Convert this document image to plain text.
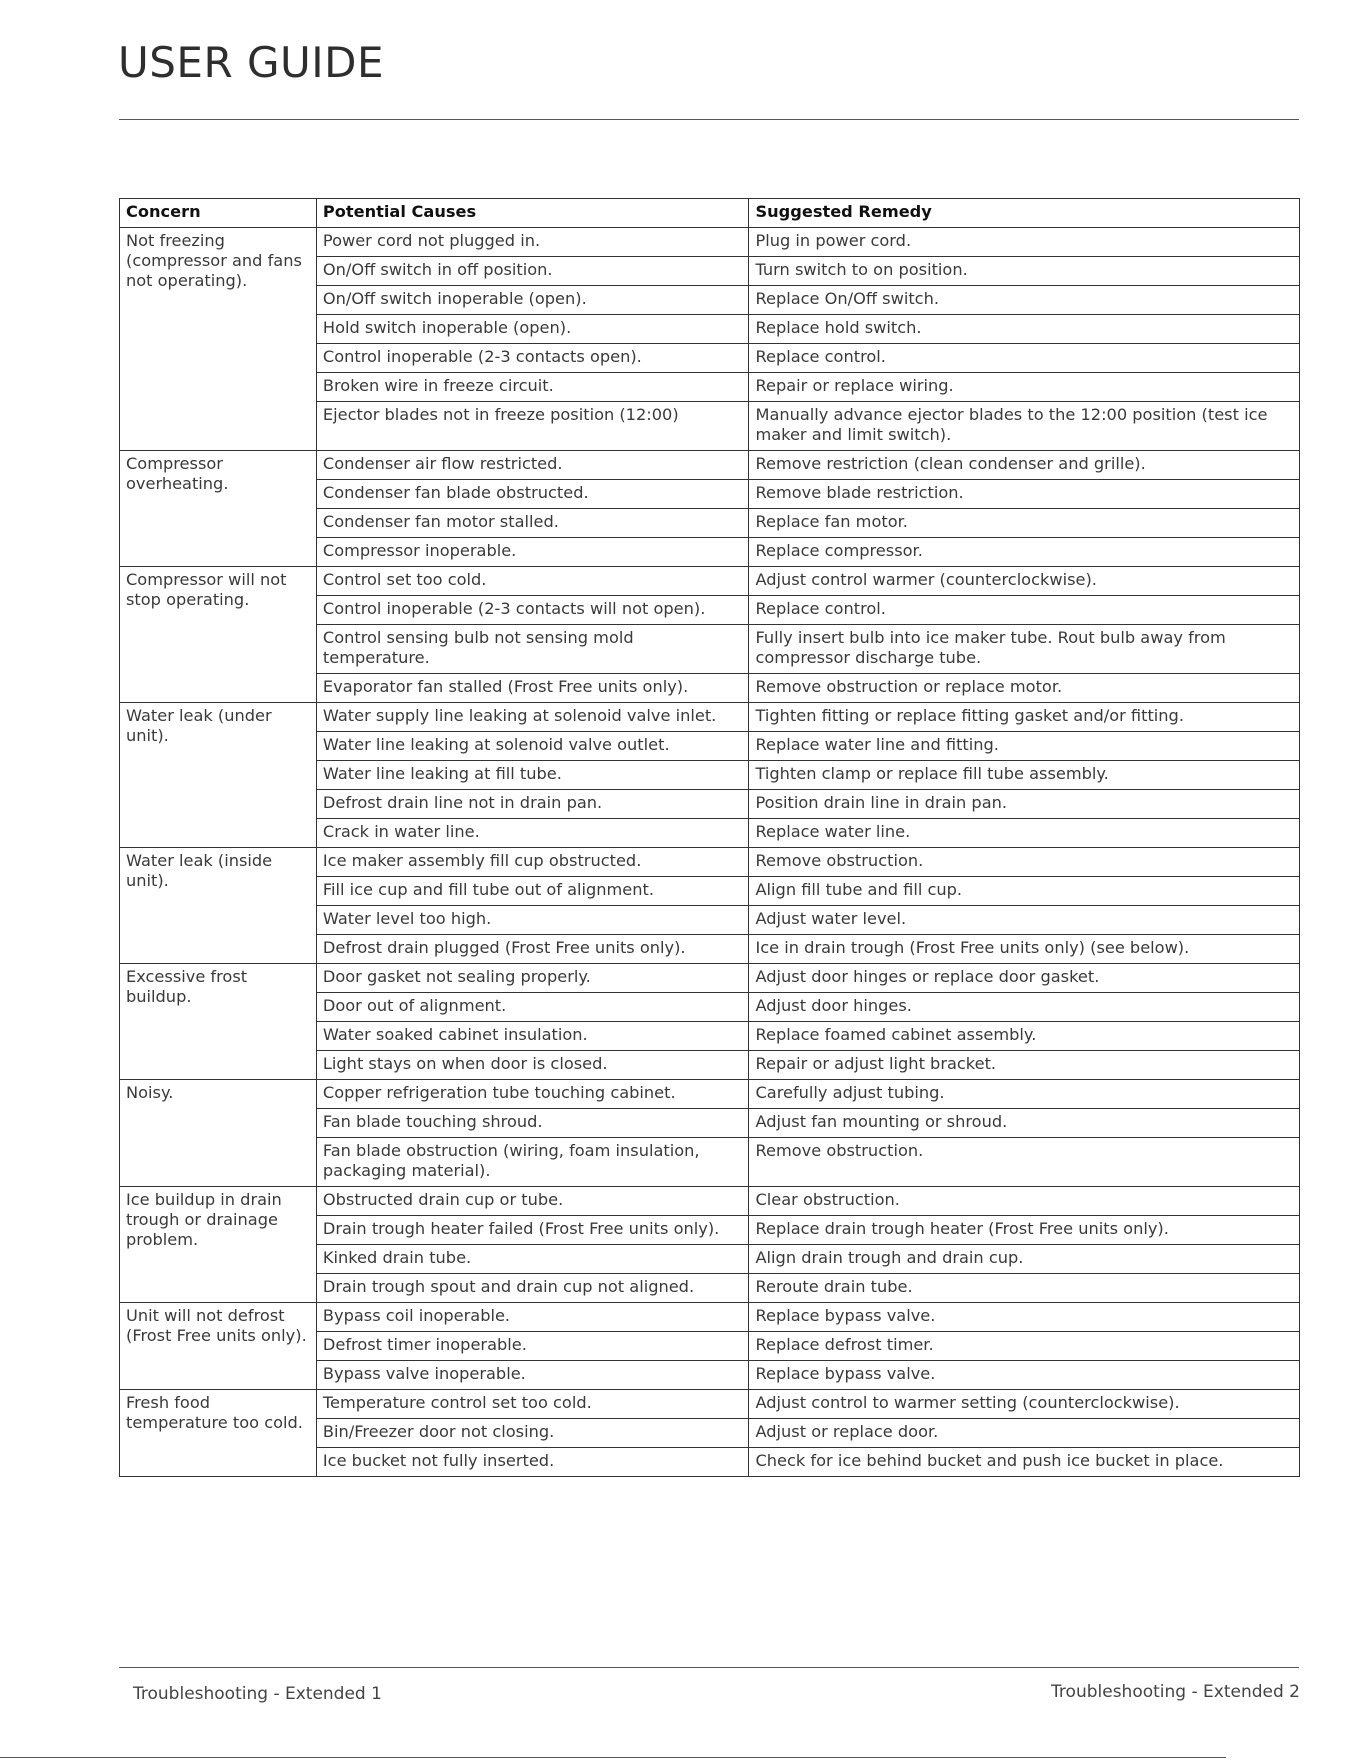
USER GUIDE
Concern	Potential Causes	Suggested Remedy
Not freezing (compressor and fans not operating).	Power cord not plugged in.	Plug in power cord.
	On/Off switch in off position.	Turn switch to on position.
	On/Off switch inoperable (open).	Replace On/Off switch.
	Hold switch inoperable (open).	Replace hold switch.
	Control inoperable (2-3 contacts open).	Replace control.
	Broken wire in freeze circuit.	Repair or replace wiring.
	Ejector blades not in freeze position (12:00)	Manually advance ejector blades to the 12:00 position (test ice maker and limit switch).
Compressor overheating.	Condenser air flow restricted.	Remove restriction (clean condenser and grille).
	Condenser fan blade obstructed.	Remove blade restriction.
	Condenser fan motor stalled.	Replace fan motor.
	Compressor inoperable.	Replace compressor.
Compressor will not stop operating.	Control set too cold.	Adjust control warmer (counterclockwise).
	Control inoperable (2-3 contacts will not open).	Replace control.
	Control sensing bulb not sensing mold temperature.	Fully insert bulb into ice maker tube. Rout bulb away from compressor discharge tube.
	Evaporator fan stalled (Frost Free units only).	Remove obstruction or replace motor.
Water leak (under unit).	Water supply line leaking at solenoid valve inlet.	Tighten fitting or replace fitting gasket and/or fitting.
	Water line leaking at solenoid valve outlet.	Replace water line and fitting.
	Water line leaking at fill tube.	Tighten clamp or replace fill tube assembly.
	Defrost drain line not in drain pan.	Position drain line in drain pan.
	Crack in water line.	Replace water line.
Water leak (inside unit).	Ice maker assembly fill cup obstructed.	Remove obstruction.
	Fill ice cup and fill tube out of alignment.	Align fill tube and fill cup.
	Water level too high.	Adjust water level.
	Defrost drain plugged (Frost Free units only).	Ice in drain trough (Frost Free units only) (see below).
Excessive frost buildup.	Door gasket not sealing properly.	Adjust door hinges or replace door gasket.
	Door out of alignment.	Adjust door hinges.
	Water soaked cabinet insulation.	Replace foamed cabinet assembly.
	Light stays on when door is closed.	Repair or adjust light bracket.
Noisy.	Copper refrigeration tube touching cabinet.	Carefully adjust tubing.
	Fan blade touching shroud.	Adjust fan mounting or shroud.
	Fan blade obstruction (wiring, foam insulation, packaging material).	Remove obstruction.
Ice buildup in drain trough or drainage problem.	Obstructed drain cup or tube.	Clear obstruction.
	Drain trough heater failed (Frost Free units only).	Replace drain trough heater (Frost Free units only).
	Kinked drain tube.	Align drain trough and drain cup.
	Drain trough spout and drain cup not aligned.	Reroute drain tube.
Unit will not defrost (Frost Free units only).	Bypass coil inoperable.	Replace bypass valve.
	Defrost timer inoperable.	Replace defrost timer.
	Bypass valve inoperable.	Replace bypass valve.
Fresh food temperature too cold.	Temperature control set too cold.	Adjust control to warmer setting (counterclockwise).
	Bin/Freezer door not closing.	Adjust or replace door.
	Ice bucket not fully inserted.	Check for ice behind bucket and push ice bucket in place.
Troubleshooting - Extended 1	Troubleshooting - Extended 2
